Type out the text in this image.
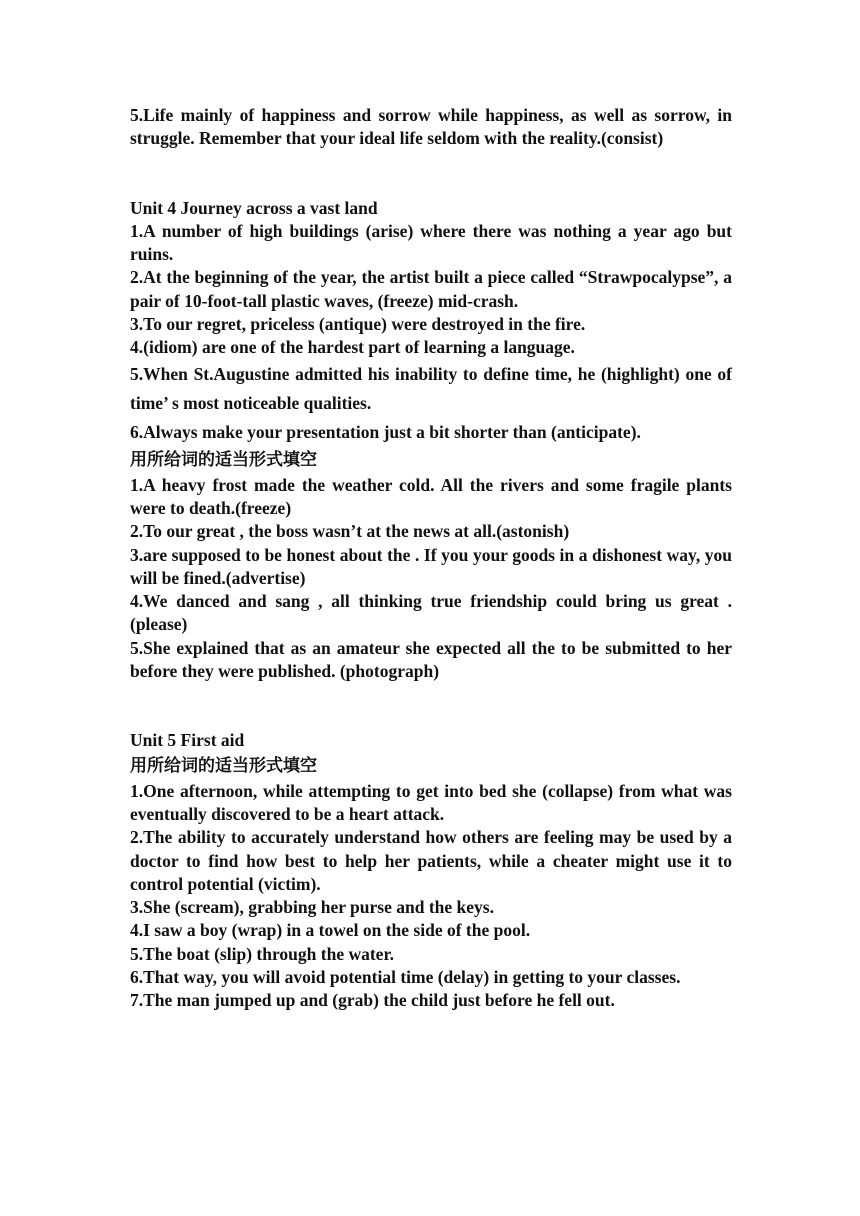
5.Life mainly of happiness and sorrow while happiness, as well as sorrow, in struggle. Remember that your ideal life seldom with the reality.(consist)

Unit 4 Journey across a vast land

1.A number of high buildings (arise) where there was nothing a year ago but ruins.

2.At the beginning of the year, the artist built a piece called “Strawpocalypse”, a pair of 10-foot-tall plastic waves, (freeze) mid-crash.

3.To our regret, priceless (antique) were destroyed in the fire.

4.(idiom) are one of the hardest part of learning a language.

5.When St.Augustine admitted his inability to define time, he (highlight) one of time’ s most noticeable qualities.

6.Always make your presentation just a bit shorter than (anticipate).

用所给词的适当形式填空

1.A heavy frost made the weather cold. All the rivers and some fragile plants were to death.(freeze)

2.To our great , the boss wasn’t at the news at all.(astonish)

3.are supposed to be honest about the . If you your goods in a dishonest way, you will be fined.(advertise)

4.We danced and sang , all thinking true friendship could bring us great .(please)

5.She explained that as an amateur she expected all the to be submitted to her before they were published. (photograph)

Unit 5 First aid

用所给词的适当形式填空

1.One afternoon, while attempting to get into bed she (collapse) from what was eventually discovered to be a heart attack.

2.The ability to accurately understand how others are feeling may be used by a doctor to find how best to help her patients, while a cheater might use it to control potential (victim).

3.She (scream), grabbing her purse and the keys.

4.I saw a boy (wrap) in a towel on the side of the pool.

5.The boat (slip) through the water.

6.That way, you will avoid potential time (delay) in getting to your classes.

7.The man jumped up and (grab) the child just before he fell out.
